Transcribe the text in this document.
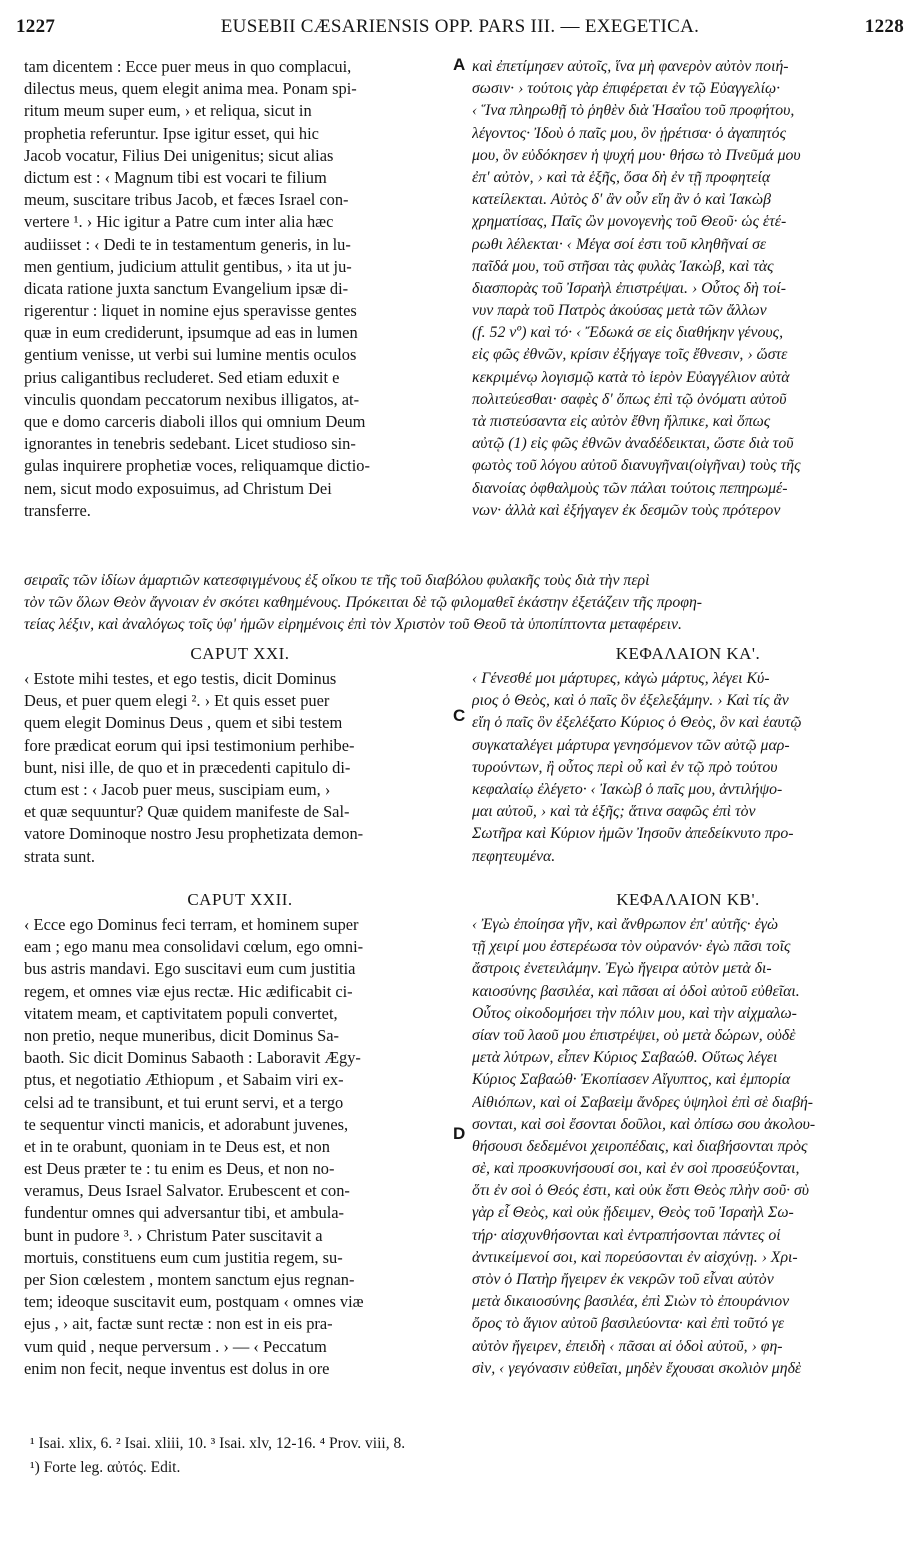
1227	EUSEBII CÆSARIENSIS OPP. PARS III. — EXEGETICA.	1228
tam dicentem : Ecce puer meus in quo complacui,
dilectus meus, quem elegit anima mea. Ponam spi-
ritum meum super eum, › et reliqua, sicut in
prophetia referuntur. Ipse igitur esset, qui hic
Jacob vocatur, Filius Dei unigenitus; sicut alias
dictum est : ‹ Magnum tibi est vocari te filium
meum, suscitare tribus Jacob, et fæces Israel con-
vertere ¹. › Hic igitur a Patre cum inter alia hæc
audiisset : ‹ Dedi te in testamentum generis, in lu-
men gentium, judicium attulit gentibus, › ita ut ju-
dicata ratione juxta sanctum Evangelium ipsæ di-
rigerentur : liquet in nomine ejus speravisse gentes
quæ in eum crediderunt, ipsumque ad eas in lumen
gentium venisse, ut verbi sui lumine mentis oculos
prius caligantibus recluderet. Sed etiam eduxit e
vinculis quondam peccatorum nexibus illigatos, at-
que e domo carceris diaboli illos qui omnium Deum
ignorantes in tenebris sedebant. Licet studioso sin-
gulas inquirere prophetiæ voces, reliquamque dictio-
nem, sicut modo exposuimus, ad Christum Dei
transferre.
A καὶ ἐπετίμησεν αὐτοῖς, ἵνα μὴ φανερὸν αὐτὸν ποιή-
σωσιν· › τούτοις γὰρ ἐπιφέρεται ἐν τῷ Εὐαγγελίῳ·
‹ Ἵνα πληρωθῇ τὸ ῥηθὲν διὰ Ἡσαΐου τοῦ προφήτου,
λέγοντος· Ἰδοὺ ὁ παῖς μου, ὃν ᾑρέτισα· ὁ ἀγαπητός
μου, ὃν εὐδόκησεν ἡ ψυχή μου· θήσω τὸ Πνεῦμά μου
ἐπ' αὐτὸν, › καὶ τὰ ἑξῆς, ὅσα δὴ ἐν τῇ προφητείᾳ
κατείλεκται. Αὐτὸς δ' ἂν οὖν εἴη ἂν ὁ καὶ Ἰακὼβ
χρηματίσας, Παῖς ὢν μονογενὴς τοῦ Θεοῦ· ὡς ἑτέ-
ρωθι λέλεκται· ‹ Μέγα σοί ἐστι τοῦ κληθῆναί σε
παῖδά μου, τοῦ στῆσαι τὰς φυλὰς Ἰακὼβ, καὶ τὰς
διασπορὰς τοῦ Ἰσραὴλ ἐπιστρέψαι. › Οὗτος δὴ τοί-
νυν παρὰ τοῦ Πατρὸς ἀκούσας μετὰ τῶν ἄλλων
(f. 52 vº) καὶ τό· ‹ Ἔδωκά σε εἰς διαθήκην γένους,
εἰς φῶς ἐθνῶν, κρίσιν ἐξήγαγε τοῖς ἔθνεσιν, › ὥστε
κεκριμένῳ λογισμῷ κατὰ τὸ ἱερὸν Εὐαγγέλιον αὐτὰ
πολιτεύεσθαι· σαφὲς δ' ὅπως ἐπὶ τῷ ὀνόματι αὐτοῦ
τὰ πιστεύσαντα εἰς αὐτὸν ἔθνη ἤλπικε, καὶ ὅπως
αὐτῷ (1) εἰς φῶς ἐθνῶν ἀναδέδεικται, ὥστε διὰ τοῦ
φωτὸς τοῦ λόγου αὐτοῦ διανυγῆναι(οἰγῆναι) τοὺς τῆς
διανοίας ὀφθαλμοὺς τῶν πάλαι τούτοις πεπηρωμέ-
νων· ἀλλὰ καὶ ἐξήγαγεν ἐκ δεσμῶν τοὺς πρότερον
σειραῖς τῶν ἰδίων ἁμαρτιῶν κατεσφιγμένους ἐξ οἴκου τε τῆς τοῦ διαβόλου φυλακῆς τοὺς διὰ τὴν περὶ
τὸν τῶν ὅλων Θεὸν ἄγνοιαν ἐν σκότει καθημένους. Πρόκειται δὲ τῷ φιλομαθεῖ ἑκάστην ἐξετάζειν τῆς προφη-
τείας λέξιν, καὶ ἀναλόγως τοῖς ὑφ' ἡμῶν εἰρημένοις ἐπὶ τὸν Χριστὸν τοῦ Θεοῦ τὰ ὑποπίπτοντα μεταφέρειν.
CAPUT XXI.	ΚΕΦΑΛΑΙΟΝ ΚΑ'.
‹ Estote mihi testes, et ego testis, dicit Dominus
Deus, et puer quem elegi ². › Et quis esset puer
quem elegit Dominus Deus , quem et sibi testem
fore prædicat eorum qui ipsi testimonium perhibe-
bunt, nisi ille, de quo et in præcedenti capitulo di-
ctum est : ‹ Jacob puer meus, suscipiam eum, ›
et quæ sequuntur? Quæ quidem manifeste de Sal-
vatore Dominoque nostro Jesu prophetizata demon-
strata sunt.
C
‹ Γένεσθέ μοι μάρτυρες, κἀγὼ μάρτυς, λέγει Κύ-
ριος ὁ Θεὸς, καὶ ὁ παῖς ὃν ἐξελεξάμην. › Καὶ τίς ἂν
εἴη ὁ παῖς ὃν ἐξελέξατο Κύριος ὁ Θεὸς, ὃν καὶ ἑαυτῷ
συγκαταλέγει μάρτυρα γενησόμενον τῶν αὐτῷ μαρ-
τυρούντων, ἢ οὗτος περὶ οὗ καὶ ἐν τῷ πρὸ τούτου
κεφαλαίῳ ἐλέγετο· ‹ Ἰακὼβ ὁ παῖς μου, ἀντιλήψο-
μαι αὐτοῦ, › καὶ τὰ ἑξῆς; ἅτινα σαφῶς ἐπὶ τὸν
Σωτῆρα καὶ Κύριον ἡμῶν Ἰησοῦν ἀπεδείκνυτο προ-
πεφητευμένα.
CAPUT XXII.	ΚΕΦΑΛΑΙΟΝ ΚΒ'.
‹ Ecce ego Dominus feci terram, et hominem super
eam ; ego manu mea consolidavi cœlum, ego omni-
bus astris mandavi. Ego suscitavi eum cum justitia
regem, et omnes viæ ejus rectæ. Hic ædificabit ci-
vitatem meam, et captivitatem populi convertet,
non pretio, neque muneribus, dicit Dominus Sa-
baoth. Sic dicit Dominus Sabaoth : Laboravit Ægy-
ptus, et negotiatio Æthiopum , et Sabaim viri ex-
celsi ad te transibunt, et tui erunt servi, et a tergo
te sequentur vincti manicis, et adorabunt juvenes,
et in te orabunt, quoniam in te Deus est, et non
est Deus præter te : tu enim es Deus, et non no-
veramus, Deus Israel Salvator. Erubescent et con-
fundentur omnes qui adversantur tibi, et ambula-
bunt in pudore ³. › Christum Pater suscitavit a
mortuis, constituens eum cum justitia regem, su-
per Sion cœlestem , montem sanctum ejus regnan-
tem; ideoque suscitavit eum, postquam ‹ omnes viæ
ejus , › ait, factæ sunt rectæ : non est in eis pra-
vum quid , neque perversum . › — ‹ Peccatum
enim non fecit, neque inventus est dolus in ore
D
‹ Ἐγὼ ἐποίησα γῆν, καὶ ἄνθρωπον ἐπ' αὐτῆς· ἐγὼ
τῇ χειρί μου ἐστερέωσα τὸν οὐρανόν· ἐγὼ πᾶσι τοῖς
ἄστροις ἐνετειλάμην. Ἐγὼ ἤγειρα αὐτὸν μετὰ δι-
καιοσύνης βασιλέα, καὶ πᾶσαι αἱ ὁδοὶ αὐτοῦ εὐθεῖαι.
Οὗτος οἰκοδομήσει τὴν πόλιν μου, καὶ τὴν αἰχμαλω-
σίαν τοῦ λαοῦ μου ἐπιστρέψει, οὐ μετὰ δώρων, οὐδὲ
μετὰ λύτρων, εἶπεν Κύριος Σαβαώθ. Οὕτως λέγει
Κύριος Σαβαώθ· Ἐκοπίασεν Αἴγυπτος, καὶ ἐμπορία
Αἰθιόπων, καὶ οἱ Σαβαεὶμ ἄνδρες ὑψηλοὶ ἐπὶ σὲ διαβή-
σονται, καὶ σοὶ ἔσονται δοῦλοι, καὶ ὀπίσω σου ἀκολου-
θήσουσι δεδεμένοι χειροπέδαις, καὶ διαβήσονται πρὸς
σὲ, καὶ προσκυνήσουσί σοι, καὶ ἐν σοὶ προσεύξονται,
ὅτι ἐν σοὶ ὁ Θεός ἐστι, καὶ οὐκ ἔστι Θεὸς πλὴν σοῦ· σὺ
γὰρ εἶ Θεὸς, καὶ οὐκ ᾔδειμεν, Θεὸς τοῦ Ἰσραὴλ Σω-
τήρ· αἰσχυνθήσονται καὶ ἐντραπήσονται πάντες οἱ
ἀντικείμενοί σοι, καὶ πορεύσονται ἐν αἰσχύνῃ. › Χρι-
στὸν ὁ Πατὴρ ἤγειρεν ἐκ νεκρῶν τοῦ εἶναι αὐτὸν
μετὰ δικαιοσύνης βασιλέα, ἐπὶ Σιὼν τὸ ἐπουράνιον
ὄρος τὸ ἅγιον αὐτοῦ βασιλεύοντα· καὶ ἐπὶ τοῦτό γε
αὐτὸν ἤγειρεν, ἐπειδὴ ‹ πᾶσαι αἱ ὁδοὶ αὐτοῦ, › φη-
σὶν, ‹ γεγόνασιν εὐθεῖαι, μηδὲν ἔχουσαι σκολιὸν μηδὲ
¹ Isai. xlix, 6. ² Isai. xliii, 10. ³ Isai. xlv, 12-16. ⁴ Prov. viii, 8.
¹) Forte leg. αὐτός. Edit.
